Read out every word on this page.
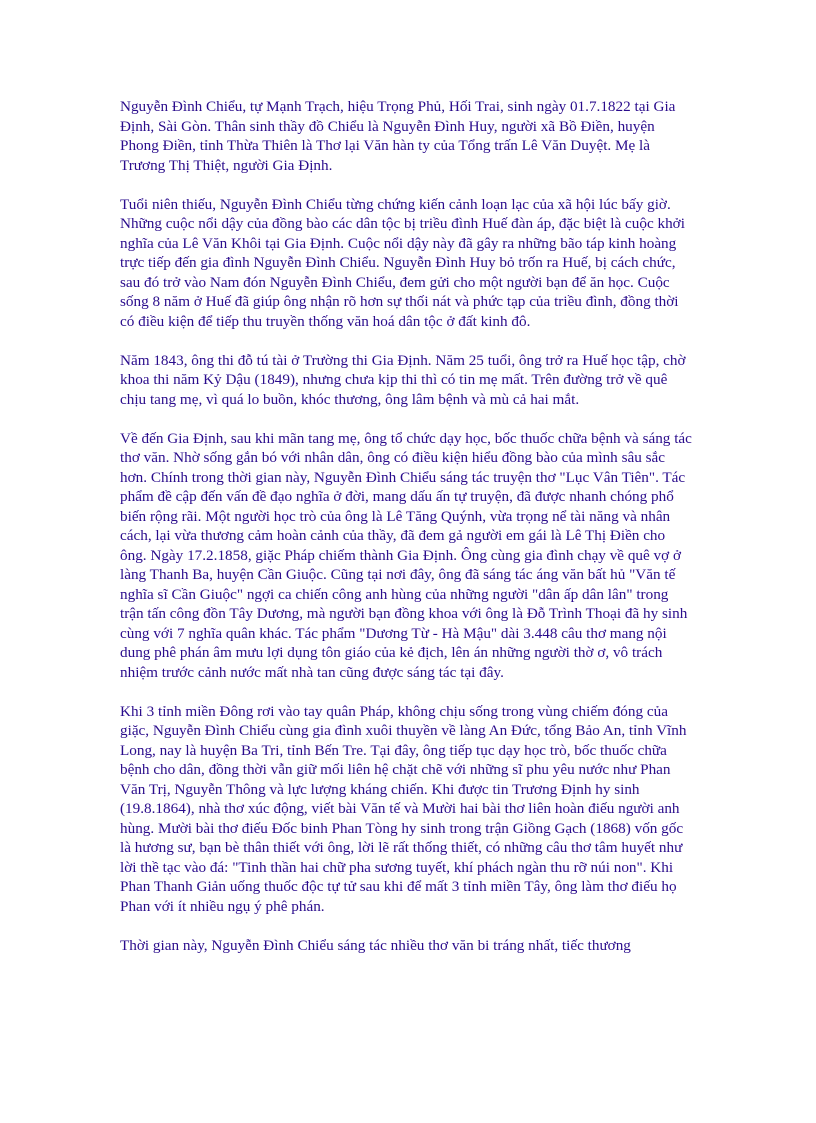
Nguyễn Đình Chiểu, tự Mạnh Trạch, hiệu Trọng Phủ, Hối Trai, sinh ngày 01.7.1822 tại Gia Định, Sài Gòn. Thân sinh thầy đồ Chiểu là Nguyễn Đình Huy, người xã Bồ Điền, huyện Phong Điền, tỉnh Thừa Thiên là Thơ lại Văn hàn ty của Tổng trấn Lê Văn Duyệt. Mẹ là Trương Thị Thiệt, người Gia Định.

Tuổi niên thiếu, Nguyễn Đình Chiểu từng chứng kiến cảnh loạn lạc của xã hội lúc bấy giờ. Những cuộc nổi dậy của đồng bào các dân tộc bị triều đình Huế đàn áp, đặc biệt là cuộc khởi nghĩa của Lê Văn Khôi tại Gia Định. Cuộc nổi dậy này đã gây ra những bão táp kinh hoàng trực tiếp đến gia đình Nguyễn Đình Chiểu. Nguyễn Đình Huy bỏ trốn ra Huế, bị cách chức, sau đó trở vào Nam đón Nguyễn Đình Chiểu, đem gửi cho một người bạn để ăn học. Cuộc sống 8 năm ở Huế đã giúp ông nhận rõ hơn sự thối nát và phức tạp của triều đình, đồng thời có điều kiện để tiếp thu truyền thống văn hoá dân tộc ở đất kinh đô.

Năm 1843, ông thi đỗ tú tài ở Trường thi Gia Định. Năm 25 tuổi, ông trở ra Huế học tập, chờ khoa thi năm Kỷ Dậu (1849), nhưng chưa kịp thi thì có tin mẹ mất. Trên đường trở về quê chịu tang mẹ, vì quá lo buồn, khóc thương, ông lâm bệnh và mù cả hai mắt.

Về đến Gia Định, sau khi mãn tang mẹ, ông tổ chức dạy học, bốc thuốc chữa bệnh và sáng tác thơ văn. Nhờ sống gắn bó với nhân dân, ông có điều kiện hiểu đồng bào của mình sâu sắc hơn. Chính trong thời gian này, Nguyễn Đình Chiểu sáng tác truyện thơ "Lục Vân Tiên". Tác phẩm đề cập đến vấn đề đạo nghĩa ở đời, mang dấu ấn tự truyện, đã được nhanh chóng phổ biến rộng rãi. Một người học trò của ông là Lê Tăng Quýnh, vừa trọng nể tài năng và nhân cách, lại vừa thương cảm hoàn cảnh của thầy, đã đem gả người em gái là Lê Thị Điền cho ông. Ngày 17.2.1858, giặc Pháp chiếm thành Gia Định. Ông cùng gia đình chạy về quê vợ ở làng Thanh Ba, huyện Cần Giuộc. Cũng tại nơi đây, ông đã sáng tác áng văn bất hủ "Văn tế nghĩa sĩ Cần Giuộc" ngợi ca chiến công anh hùng của những người "dân ấp dân lân" trong trận tấn công đồn Tây Dương, mà người bạn đồng khoa với ông là Đỗ Trình Thoại đã hy sinh cùng với 7 nghĩa quân khác. Tác phẩm "Dương Từ - Hà Mậu" dài 3.448 câu thơ mang nội dung phê phán âm mưu lợi dụng tôn giáo của kẻ địch, lên án những người thờ ơ, vô trách nhiệm trước cảnh nước mất nhà tan cũng được sáng tác tại đây.

Khi 3 tỉnh miền Đông rơi vào tay quân Pháp, không chịu sống trong vùng chiếm đóng của giặc, Nguyễn Đình Chiểu cùng gia đình xuôi thuyền về làng An Đức, tổng Bảo An, tỉnh Vĩnh Long, nay là huyện Ba Tri, tỉnh Bến Tre. Tại đây, ông tiếp tục dạy học trò, bốc thuốc chữa bệnh cho dân, đồng thời vẫn giữ mối liên hệ chặt chẽ với những sĩ phu yêu nước như Phan Văn Trị, Nguyễn Thông và lực lượng kháng chiến. Khi được tin Trương Định hy sinh (19.8.1864), nhà thơ xúc động, viết bài Văn tế và Mười hai bài thơ liên hoàn điếu người anh hùng. Mười bài thơ điếu Đốc binh Phan Tòng hy sinh trong trận Giồng Gạch (1868) vốn gốc là hương sư, bạn bè thân thiết với ông, lời lẽ rất thống thiết, có những câu thơ tâm huyết như lời thề tạc vào đá: "Tinh thần hai chữ pha sương tuyết, khí phách ngàn thu rỡ núi non". Khi Phan Thanh Giản uống thuốc độc tự tử sau khi để mất 3 tỉnh miền Tây, ông làm thơ điếu họ Phan với ít nhiều ngụ ý phê phán.

Thời gian này, Nguyễn Đình Chiểu sáng tác nhiều thơ văn bi tráng nhất, tiếc thương
